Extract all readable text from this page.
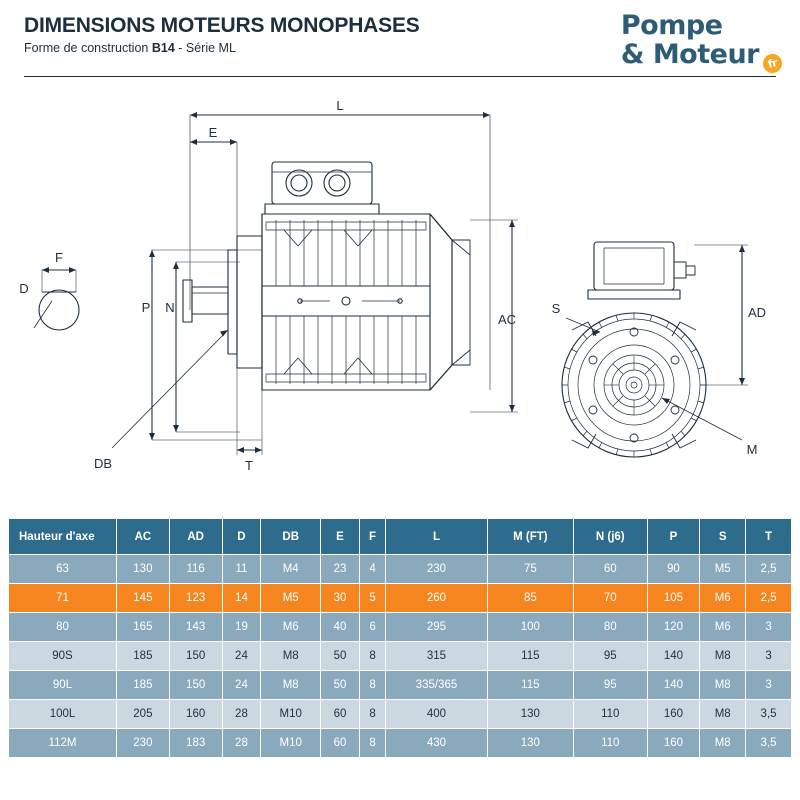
DIMENSIONS MOTEURS MONOPHASES
Forme de construction B14 - Série ML
Pompe
& Moteur fr
L
E
P N
T
DB
D
F
AC	AD
S
M
Hauteur d'axe	AC	AD	D	DB	E	F	L	M (FT)	N (j6)	P	S	T
63	130	116	11	M4	23	4	230	75	60	90	M5	2,5
71	145	123	14	M5	30	5	260	85	70	105	M6	2,5
80	165	143	19	M6	40	6	295	100	80	120	M6	3
90S	185	150	24	M8	50	8	315	115	95	140	M8	3
90L	185	150	24	M8	50	8	335/365	115	95	140	M8	3
100L	205	160	28	M10	60	8	400	130	110	160	M8	3,5
112M	230	183	28	M10	60	8	430	130	110	160	M8	3,5
